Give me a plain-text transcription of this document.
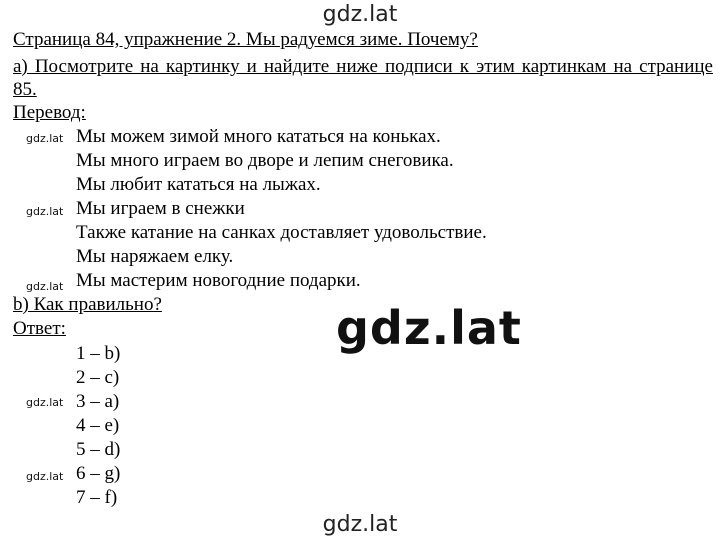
gdz.lat
Страница 84, упражнение 2. Мы радуемся зиме. Почему?
a) Посмотрите на картинку и найдите ниже подписи к этим картинкам на странице 85.
Перевод:
gdz.lat Мы можем зимой много кататься на коньках.
Мы много играем во дворе и лепим снеговика.
Мы любит кататься на лыжах.
gdz.lat Мы играем в снежки
Также катание на санках доставляет удовольствие.
Мы наряжаем елку.
gdz.lat Мы мастерим новогодние подарки.
b) Как правильно?	gdz.lat
Ответ:
1 – b)
2 – c)
gdz.lat 3 – a)
4 – e)
5 – d)
gdz.lat 6 – g)
7 – f)
gdz.lat
